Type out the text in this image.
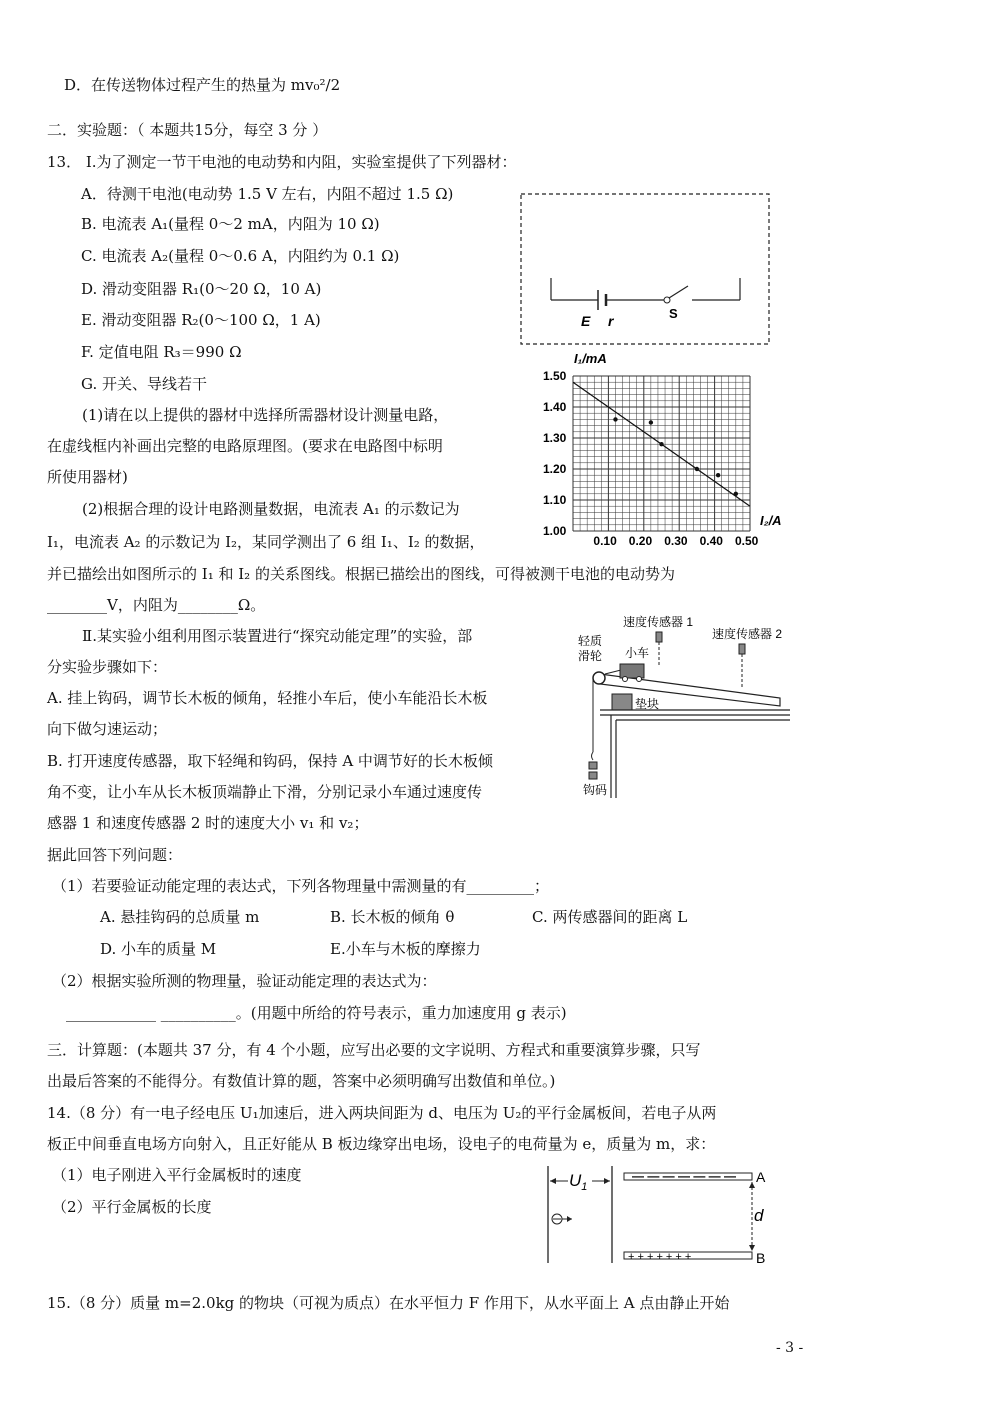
D．在传送物体过程产生的热量为 mv₀²/2
二．实验题：（ 本题共15分，每空 3 分 ）
13． Ⅰ.为了测定一节干电池的电动势和内阻，实验室提供了下列器材：
A．待测干电池(电动势 1.5 V 左右，内阻不超过 1.5 Ω)
B. 电流表 A₁(量程 0～2 mA，内阻为 10 Ω)
C. 电流表 A₂(量程 0～0.6 A，内阻约为 0.1 Ω)
D. 滑动变阻器 R₁(0～20 Ω，10 A)
E. 滑动变阻器 R₂(0～100 Ω，1 A)
F. 定值电阻 R₃＝990 Ω
G. 开关、导线若干
(1)请在以上提供的器材中选择所需器材设计测量电路，
在虚线框内补画出完整的电路原理图。(要求在电路图中标明
所使用器材)
(2)根据合理的设计电路测量数据，电流表 A₁ 的示数记为
I₁，电流表 A₂ 的示数记为 I₂，某同学测出了 6 组 I₁、I₂ 的数据，
并已描绘出如图所示的 I₁ 和 I₂ 的关系图线。根据已描绘出的图线，可得被测干电池的电动势为
________V，内阻为________Ω。
Ⅱ.某实验小组利用图示装置进行“探究动能定理”的实验，部
分实验步骤如下：
A. 挂上钩码，调节长木板的倾角，轻推小车后，使小车能沿长木板
向下做匀速运动；
B. 打开速度传感器，取下轻绳和钩码，保持 A 中调节好的长木板倾
角不变，让小车从长木板顶端静止下滑，分别记录小车通过速度传
感器 1 和速度传感器 2 时的速度大小 v₁ 和 v₂；
据此回答下列问题：
（1）若要验证动能定理的表达式，下列各物理量中需测量的有_________；
A. 悬挂钩码的总质量 m	B. 长木板的倾角 θ	C. 两传感器间的距离 L
D. 小车的质量 M	E.小车与木板的摩擦力
（2）根据实验所测的物理量，验证动能定理的表达式为：
____________ __________。(用题中所给的符号表示，重力加速度用 g 表示)
三．计算题：(本题共 37 分，有 4 个小题，应写出必要的文字说明、方程式和重要演算步骤，只写
出最后答案的不能得分。有数值计算的题，答案中必须明确写出数值和单位。)
14.（8 分）有一电子经电压 U₁加速后，进入两块间距为 d、电压为 U₂的平行金属板间，若电子从两
板正中间垂直电场方向射入，且正好能从 B 板边缘穿出电场，设电子的电荷量为 e，质量为 m，求：
（1）电子刚进入平行金属板时的速度
（2）平行金属板的长度
15.（8 分）质量 m=2.0kg 的物块（可视为质点）在水平恒力 F 作用下，从水平面上 A 点由静止开始
- 3 -
E r	S
1.00
1.10
1.20
1.30
1.40
1.50
0.10 0.20 0.30 0.40 0.50
I₁/mA
I₂/A
速度传感器 1
速度传感器 2
轻质
滑轮 小车
垫块
钩码
$U_1$
— — — — — — —
+ + + + + + +
d
A
B
